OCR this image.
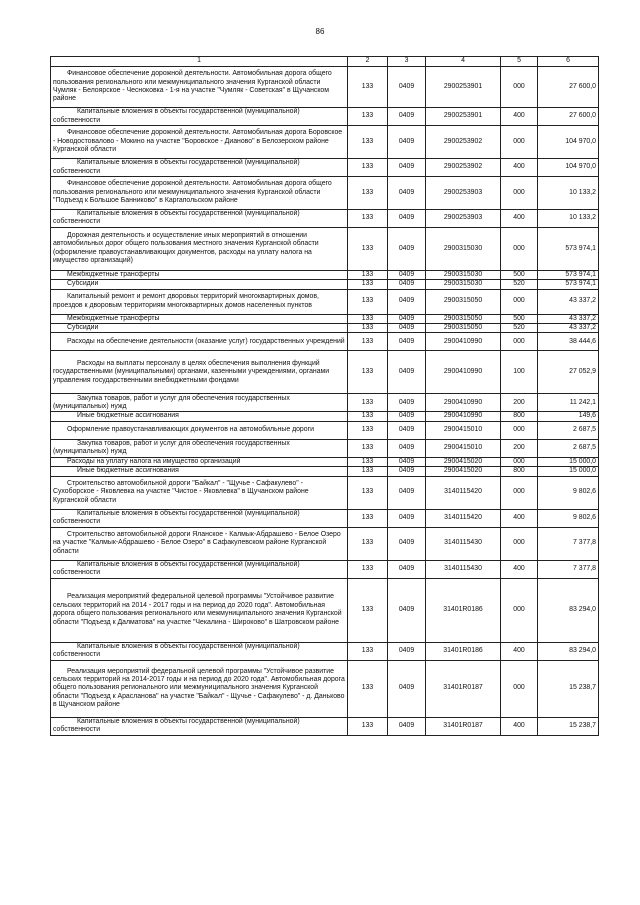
86
1	2	3	4	5	6
Финансовое обеспечение дорожной деятельности. Автомобильная дорога общего пользования регионального или межмуниципального значения Курганской области Чумляк - Белоярское - Чесноковка - 1-я на участке "Чумляк - Советская" в Щучанском районе	133	0409	2900253901	000	27 600,0
Капитальные вложения в объекты государственной (муниципальной) собственности	133	0409	2900253901	400	27 600,0
Финансовое обеспечение дорожной деятельности. Автомобильная дорога Боровское - Новодостовалово - Мокино на участке "Боровское - Дианово" в Белозерском районе Курганской области	133	0409	2900253902	000	104 970,0
Капитальные вложения в объекты государственной (муниципальной) собственности	133	0409	2900253902	400	104 970,0
Финансовое обеспечение дорожной деятельности. Автомобильная дорога общего пользования регионального или межмуниципального значения Курганской области "Подъезд к Большое Банниково" в Каргапольском районе	133	0409	2900253903	000	10 133,2
Капитальные вложения в объекты государственной (муниципальной) собственности	133	0409	2900253903	400	10 133,2
Дорожная деятельность и осуществление иных мероприятий в отношении автомобильных дорог общего пользования местного значения Курганской области (оформление правоустанавливающих документов, расходы на уплату налога на имущество организаций)	133	0409	2900315030	000	573 974,1
Межбюджетные трансферты	133	0409	2900315030	500	573 974,1
Субсидии	133	0409	2900315030	520	573 974,1
Капитальный ремонт и ремонт дворовых территорий многоквартирных домов, проездов к дворовым территориям многоквартирных домов населенных пунктов	133	0409	2900315050	000	43 337,2
Межбюджетные трансферты	133	0409	2900315050	500	43 337,2
Субсидии	133	0409	2900315050	520	43 337,2
Расходы на обеспечение деятельности (оказание услуг) государственных учреждений	133	0409	2900410990	000	38 444,6
Расходы на выплаты персоналу в целях обеспечения выполнения функций государственными (муниципальными) органами, казенными учреждениями, органами управления государственными внебюджетными фондами	133	0409	2900410990	100	27 052,9
Закупка товаров, работ и услуг для обеспечения государственных (муниципальных) нужд	133	0409	2900410990	200	11 242,1
Иные бюджетные ассигнования	133	0409	2900410990	800	149,6
Оформление правоустанавливающих документов на автомобильные дороги	133	0409	2900415010	000	2 687,5
Закупка товаров, работ и услуг для обеспечения государственных (муниципальных) нужд	133	0409	2900415010	200	2 687,5
Расходы на уплату налога на имущество организаций	133	0409	2900415020	000	15 000,0
Иные бюджетные ассигнования	133	0409	2900415020	800	15 000,0
Строительство автомобильной дороги "Байкал" - "Щучье - Сафакулево" - Сухоборское - Яковлевка на участке "Чистое - Яковлевка" в Щучанском районе Курганской области	133	0409	3140115420	000	9 802,6
Капитальные вложения в объекты государственной (муниципальной) собственности	133	0409	3140115420	400	9 802,6
Строительство автомобильной дороги Яланское - Калмык-Абдрашево - Белое Озеро на участке "Калмык-Абдрашево - Белое Озеро" в Сафакулевском районе Курганской области	133	0409	3140115430	000	7 377,8
Капитальные вложения в объекты государственной (муниципальной) собственности	133	0409	3140115430	400	7 377,8
Реализация мероприятий федеральной целевой программы "Устойчивое развитие сельских территорий на 2014 - 2017 годы и на период до 2020 года". Автомобильная дорога общего пользования регионального или межмуниципального значения Курганской области "Подъезд к Далматова" на участке "Чекалина - Широково" в Шатровском районе	133	0409	31401R0186	000	83 294,0
Капитальные вложения в объекты государственной (муниципальной) собственности	133	0409	31401R0186	400	83 294,0
Реализация мероприятий федеральной целевой программы "Устойчивое развитие сельских территорий на 2014-2017 годы и на период до 2020 года". Автомобильная дорога общего пользования регионального или межмуниципального значения Курганской области "Подъезд к Арасланова" на участке "Байкал" - Щучье - Сафакулево" - д. Даньково в Щучанском районе	133	0409	31401R0187	000	15 238,7
Капитальные вложения в объекты государственной (муниципальной) собственности	133	0409	31401R0187	400	15 238,7
